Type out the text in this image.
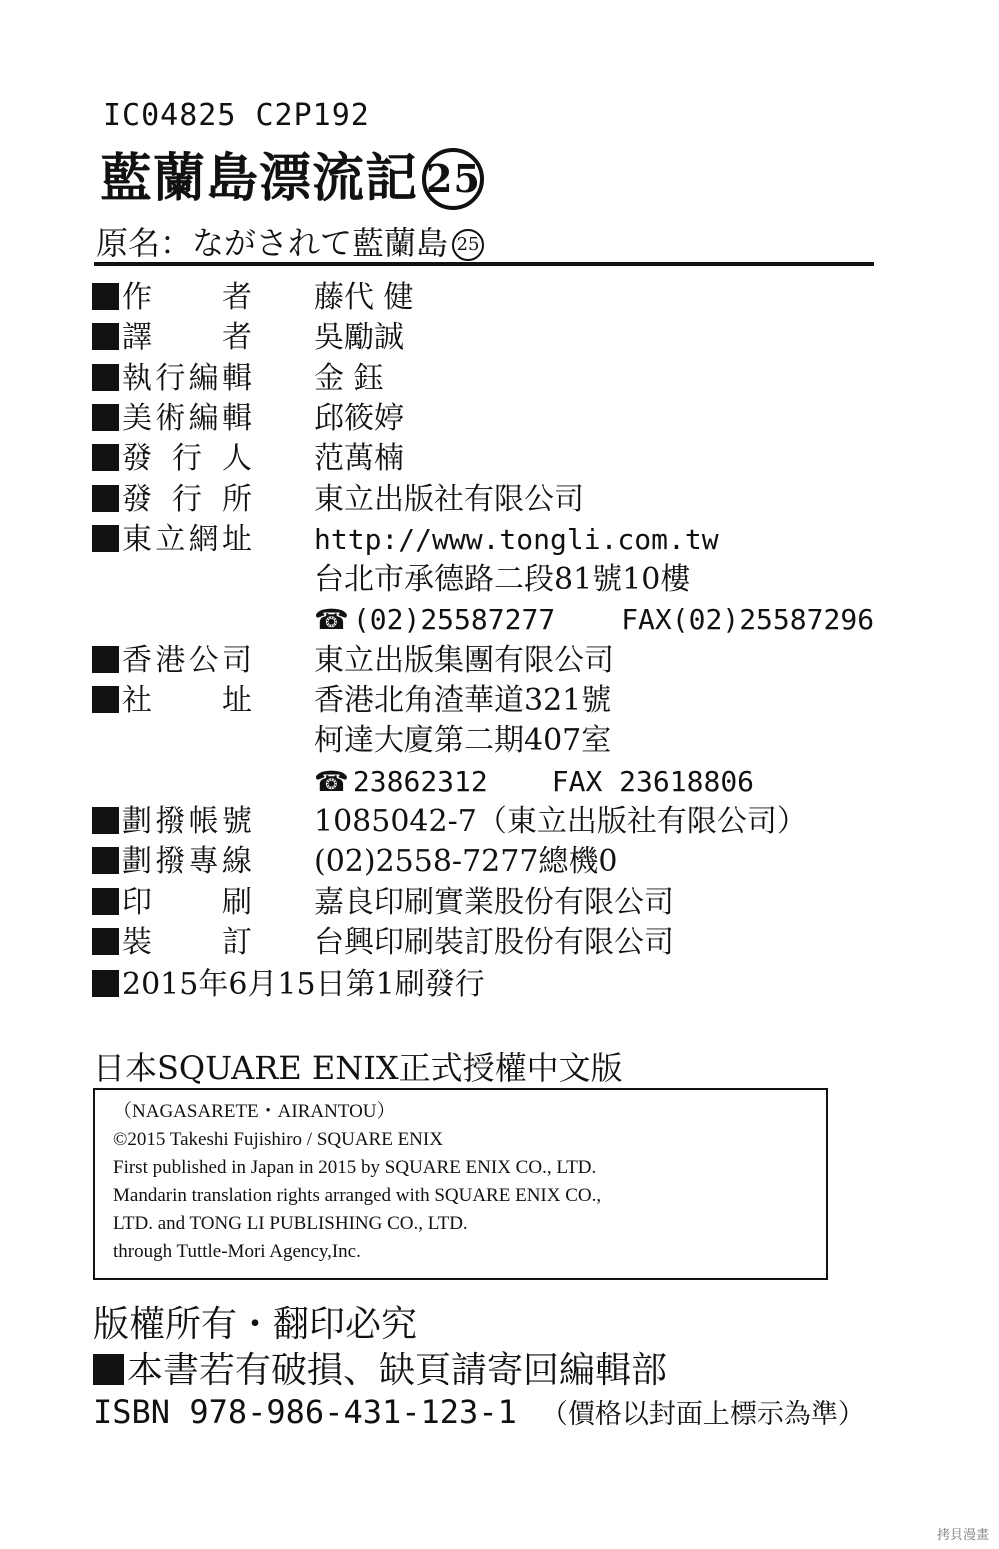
IC04825 C2P192
藍蘭島漂流記 25
原名：ながされて藍蘭島 25
作者 藤代 健
譯者 吳勵誠
執行編輯 金 鈺
美術編輯 邱筱婷
發行人 范萬楠
發行所 東立出版社有限公司
東立網址 http://www.tongli.com.tw
台北市承德路二段81號10樓
☎ (02)25587277 FAX(02)25587296
香港公司 東立出版集團有限公司
社址 香港北角渣華道321號
柯達大廈第二期407室
☎ 23862312 FAX 23618806
劃撥帳號 1085042-7（東立出版社有限公司）
劃撥專線 (02)2558-7277總機0
印刷 嘉良印刷實業股份有限公司
裝訂 台興印刷裝訂股份有限公司
2015年6月15日第1刷發行
日本SQUARE ENIX正式授權中文版
（NAGASARETE・AIRANTOU）
©2015 Takeshi Fujishiro / SQUARE ENIX
First published in Japan in 2015 by SQUARE ENIX CO., LTD.
Mandarin translation rights arranged with SQUARE ENIX CO.,
LTD. and TONG LI PUBLISHING CO., LTD.
through Tuttle-Mori Agency,Inc.
版權所有・翻印必究
本書若有破損、缺頁請寄回編輯部
ISBN 978-986-431-123-1 （價格以封面上標示為準）
拷貝漫畫
